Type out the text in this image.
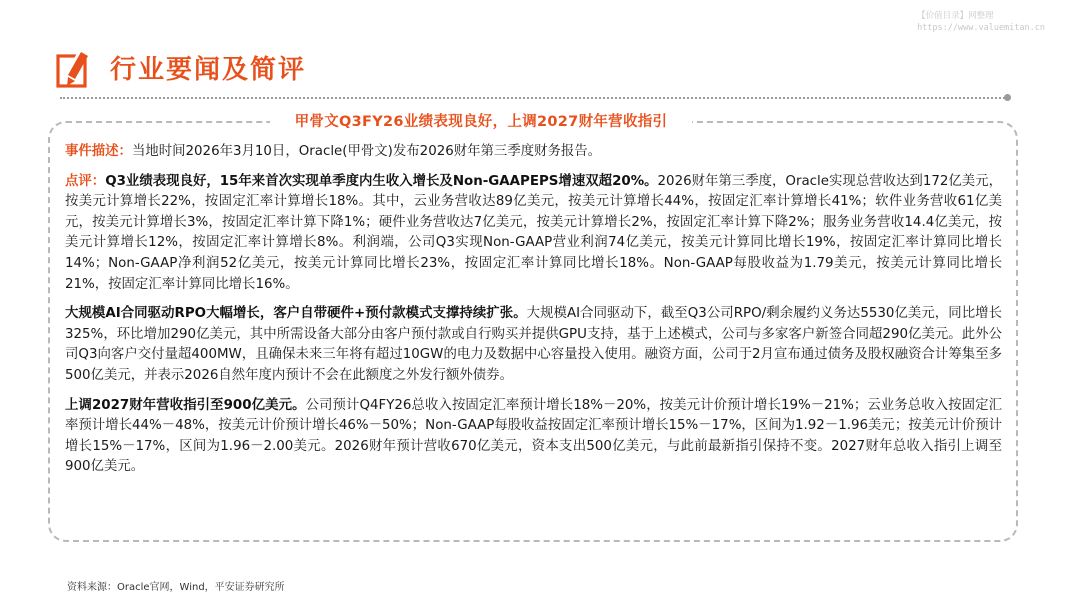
【价值目录】网整理
https://www.valuemitan.cn
行业要闻及简评
甲骨文Q3FY26业绩表现良好，上调2027财年营收指引

事件描述：当地时间2026年3月10日，Oracle(甲骨文)发布2026财年第三季度财务报告。

点评：Q3业绩表现良好，15年来首次实现单季度内生收入增长及Non-GAAPEPS增速双超20%。2026财年第三季度，Oracle实现总营收达到172亿美元，按美元计算增长22%，按固定汇率计算增长18%。其中，云业务营收达89亿美元，按美元计算增长44%，按固定汇率计算增长41%；软件业务营收61亿美元，按美元计算增长3%，按固定汇率计算下降1%；硬件业务营收达7亿美元，按美元计算增长2%，按固定汇率计算下降2%；服务业务营收14.4亿美元，按美元计算增长12%，按固定汇率计算增长8%。利润端，公司Q3实现Non-GAAP营业利润74亿美元，按美元计算同比增长19%，按固定汇率计算同比增长14%；Non-GAAP净利润52亿美元，按美元计算同比增长23%，按固定汇率计算同比增长18%。Non-GAAP每股收益为1.79美元，按美元计算同比增长21%，按固定汇率计算同比增长16%。

大规模AI合同驱动RPO大幅增长，客户自带硬件+预付款模式支撑持续扩张。大规模AI合同驱动下，截至Q3公司RPO/剩余履约义务达5530亿美元，同比增长325%，环比增加290亿美元，其中所需设备大部分由客户预付款或自行购买并提供GPU支持，基于上述模式，公司与多家客户新签合同超290亿美元。此外公司Q3向客户交付量超400MW，且确保未来三年将有超过10GW的电力及数据中心容量投入使用。融资方面，公司于2月宣布通过债务及股权融资合计筹集至多500亿美元，并表示2026自然年度内预计不会在此额度之外发行额外债券。

上调2027财年营收指引至900亿美元。公司预计Q4FY26总收入按固定汇率预计增长18%－20%，按美元计价预计增长19%－21%；云业务总收入按固定汇率预计增长44%－48%，按美元计价预计增长46%－50%；Non-GAAP每股收益按固定汇率预计增长15%－17%，区间为1.92－1.96美元；按美元计价预计增长15%－17%，区间为1.96－2.00美元。2026财年预计营收670亿美元，资本支出500亿美元，与此前最新指引保持不变。2027财年总收入指引上调至900亿美元。

资料来源：Oracle官网，Wind，平安证券研究所
